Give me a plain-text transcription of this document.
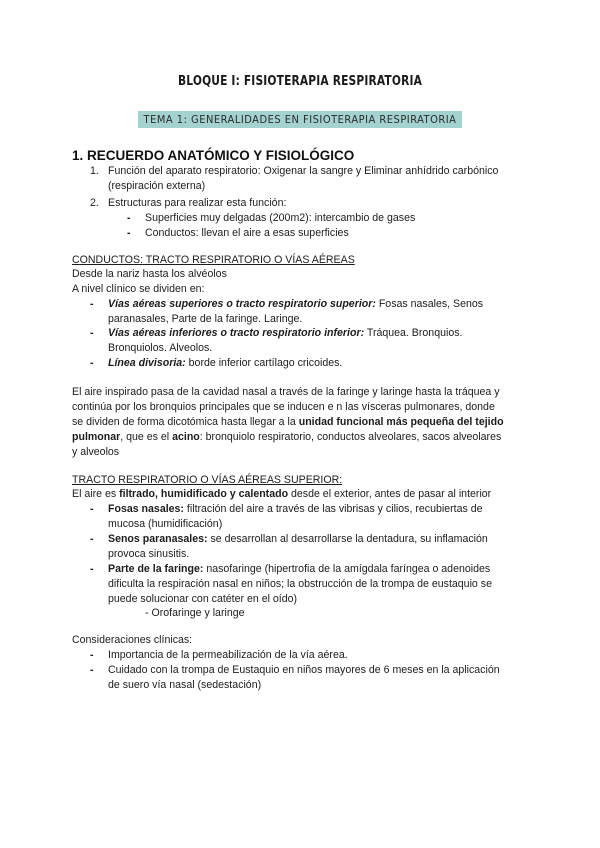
BLOQUE I: FISIOTERAPIA RESPIRATORIA
TEMA 1: GENERALIDADES EN FISIOTERAPIA RESPIRATORIA
1. RECUERDO ANATÓMICO Y FISIOLÓGICO
1. Función del aparato respiratorio: Oxigenar la sangre y Eliminar anhídrido carbónico
(respiración externa)
2. Estructuras para realizar esta función:
- Superficies muy delgadas (200m2): intercambio de gases
- Conductos: llevan el aire a esas superficies
CONDUCTOS: TRACTO RESPIRATORIO O VÍAS AÉREAS
Desde la nariz hasta los alvéolos
A nivel clínico se dividen en:
- Vías aéreas superiores o tracto respiratorio superior: Fosas nasales, Senos
paranasales, Parte de la faringe. Laringe.
- Vías aéreas inferiores o tracto respiratorio inferior: Tráquea. Bronquios.
Bronquiolos. Alveolos.
- Línea divisoria: borde inferior cartílago cricoides.
El aire inspirado pasa de la cavidad nasal a través de la faringe y laringe hasta la tráquea y
continúa por los bronquios principales que se inducen e n las vísceras pulmonares, donde
se dividen de forma dicotómica hasta llegar a la unidad funcional más pequeña del tejido
pulmonar, que es el acino: bronquiolo respiratorio, conductos alveolares, sacos alveolares
y alveolos
TRACTO RESPIRATORIO O VÍAS AÉREAS SUPERIOR:
El aire es filtrado, humidificado y calentado desde el exterior, antes de pasar al interior
- Fosas nasales: filtración del aire a través de las vibrisas y cilios, recubiertas de
mucosa (humidificación)
- Senos paranasales: se desarrollan al desarrollarse la dentadura, su inflamación
provoca sinusitis.
- Parte de la faringe: nasofaringe (hipertrofia de la amígdala faríngea o adenoides
dificulta la respiración nasal en niños; la obstrucción de la trompa de eustaquio se
puede solucionar con catéter en el oído)
- Orofaringe y laringe
Consideraciones clínicas:
- Importancia de la permeabilización de la vía aérea.
- Cuidado con la trompa de Eustaquio en niños mayores de 6 meses en la aplicación
de suero vía nasal (sedestación)
